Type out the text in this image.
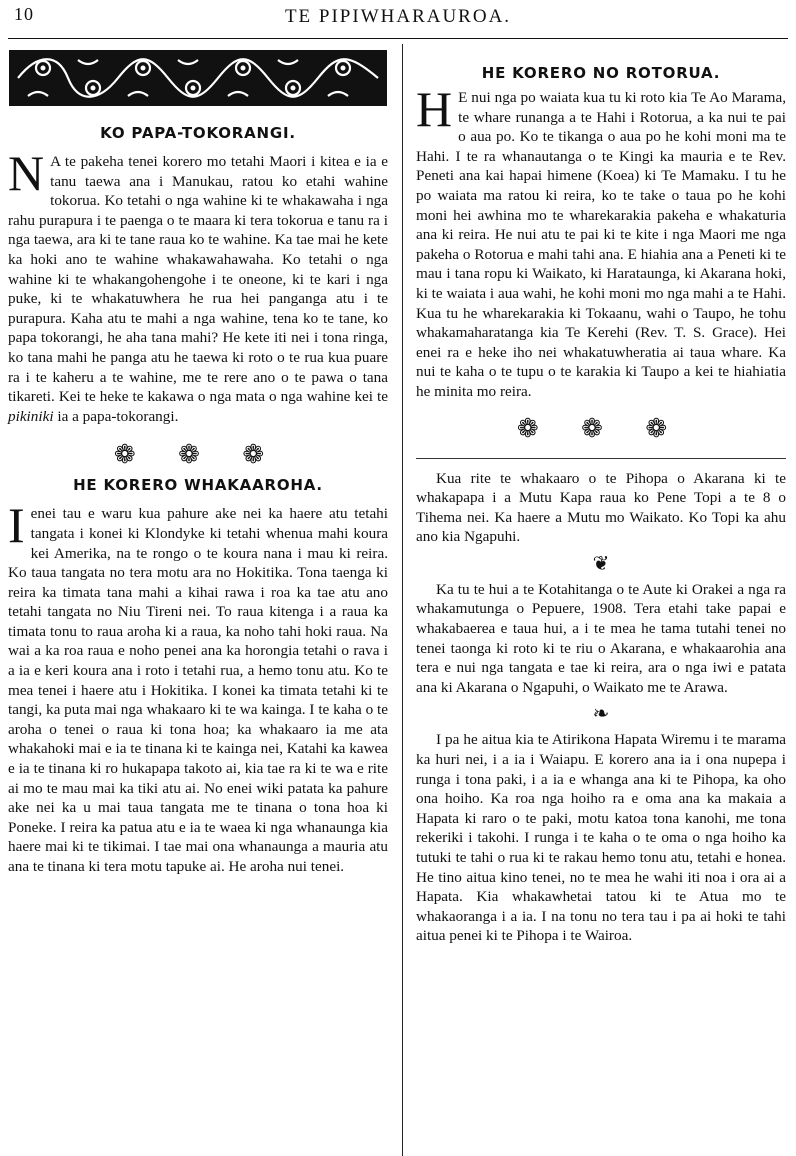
10	TE PIPIWHARAUROA.
KO PAPA-TOKORANGI.
N A te pakeha tenei korero mo tetahi Maori i kitea e ia e tanu taewa ana i Manukau, ratou ko etahi wahine tokorua. Ko tetahi o nga wahine ki te whakawaha i nga rahu purapura i te paenga o te maara ki tera tokorua e tanu ra i nga taewa, ara ki te tane raua ko te wahine. Ka tae mai he kete ka hoki ano te wahine whakawahawaha. Ko tetahi o nga wahine ki te whakangohengohe i te oneone, ki te kari i nga puke, ki te whakatuwhera he rua hei panganga atu i te purapura. Kaha atu te mahi a nga wahine, tena ko te tane, ko papa tokorangi, he aha tana mahi? He kete iti nei i tona ringa, ko tana mahi he panga atu he taewa ki roto o te rua kua puare ra i te kaheru a te wahine, me te rere ano o te pawa o tana tikareti. Kei te heke te kakawa o nga mata o nga wahine kei te pikiniki ia a papa-tokorangi.

❁ ❁ ❁

HE KORERO WHAKAAROHA.
Ienei tau e waru kua pahure ake nei ka haere atu tetahi tangata i konei ki Klondyke ki tetahi whenua mahi koura kei Amerika, na te rongo o te koura nana i mau ki reira. Ko taua tangata no tera motu ara no Hokitika. Tona taenga ki reira ka timata tana mahi a kihai rawa i roa ka tae atu ano tetahi tangata no Niu Tireni nei. To raua kitenga i a raua ka timata tonu to raua aroha ki a raua, ka noho tahi hoki raua. Na wai a ka roa raua e noho penei ana ka horongia tetahi o rava i a ia e keri koura ana i roto i tetahi rua, a hemo tonu atu. Ko te mea tenei i haere atu i Hokitika. I konei ka timata tetahi ki te tangi, ka puta mai nga whakaaro ki te wa kainga. I te kaha o te aroha o tenei o raua ki tona hoa; ka whakaaro ia me ata whakahoki mai e ia te tinana ki te kainga nei, Katahi ka kawea e ia te tinana ki ro hukapapa takoto ai, kia tae ra ki te wa e rite ai mo te mau mai ka tiki atu ai. No enei wiki patata ka pahure ake nei ka u mai taua tangata me te tinana o tona hoa ki Poneke. I reira ka patua atu e ia te waea ki nga whanaunga kia haere mai ki te tikimai. I tae mai ona whanaunga a mauria atu ana te tinana ki tera motu tapuke ai. He aroha nui tenei.
HE KORERO NO ROTORUA.
H E nui nga po waiata kua tu ki roto kia Te Ao Marama, te whare runanga a te Hahi i Rotorua, a ka nui te pai o aua po. Ko te tikanga o aua po he kohi moni ma te Hahi. I te ra whanautanga o te Kingi ka mauria e te Rev. Peneti ana kai hapai himene (Koea) ki Te Mamaku. I tu he po waiata ma ratou ki reira, ko te take o taua po he kohi moni hei awhina mo te wharekarakia pakeha e whakaturia ana ki reira. He nui atu te pai ki te kite i nga Maori me nga pakeha o Rotorua e mahi tahi ana. E hiahia ana a Peneti ki te mau i tana ropu ki Waikato, ki Harataunga, ki Akarana hoki, ki te waiata i aua wahi, he kohi moni mo nga mahi a te Hahi. Kua tu he wharekarakia ki Tokaanu, wahi o Taupo, he tohu whakamaharatanga kia Te Kerehi (Rev. T. S. Grace). Hei enei ra e heke iho nei whakatuwheratia ai taua whare. Ka nui te kaha o te tupu o te karakia ki Taupo a kei te hiahiatia he minita mo reira.

❁ ❁ ❁

Kua rite te whakaaro o te Pihopa o Akarana ki te whakapapa i a Mutu Kapa raua ko Pene Topi a te 8 o Tihema nei. Ka haere a Mutu mo Waikato. Ko Topi ka ahu ano kia Ngapuhi.

❦

Ka tu te hui a te Kotahitanga o te Aute ki Orakei a nga ra whakamutunga o Pepuere, 1908. Tera etahi take papai e whakabaerea e taua hui, a i te mea he tama tutahi tenei no tenei taonga ki roto ki te riu o Akarana, e whakaarohia ana tera e nui nga tangata e tae ki reira, ara o nga iwi e patata ana ki Akarana o Ngapuhi, o Waikato me te Arawa.

❧

I pa he aitua kia te Atirikona Hapata Wiremu i te marama ka huri nei, i a ia i Waiapu. E korero ana ia i ona nupepa i runga i tona paki, i a ia e whanga ana ki te Pihopa, ka oho ona hoiho. Ka roa nga hoiho ra e oma ana ka makaia a Hapata ki raro o te paki, motu katoa tona kanohi, me tona rekeriki i takohi. I runga i te kaha o te oma o nga hoiho ka tutuki te tahi o rua ki te rakau hemo tonu atu, tetahi e honea. He tino aitua kino tenei, no te mea he wahi iti noa i ora ai a Hapata. Kia whakawhetai tatou ki te Atua mo te whakaoranga i a ia. I na tonu no tera tau i pa ai hoki te tahi aitua penei ki te Pihopa i te Wairoa.
